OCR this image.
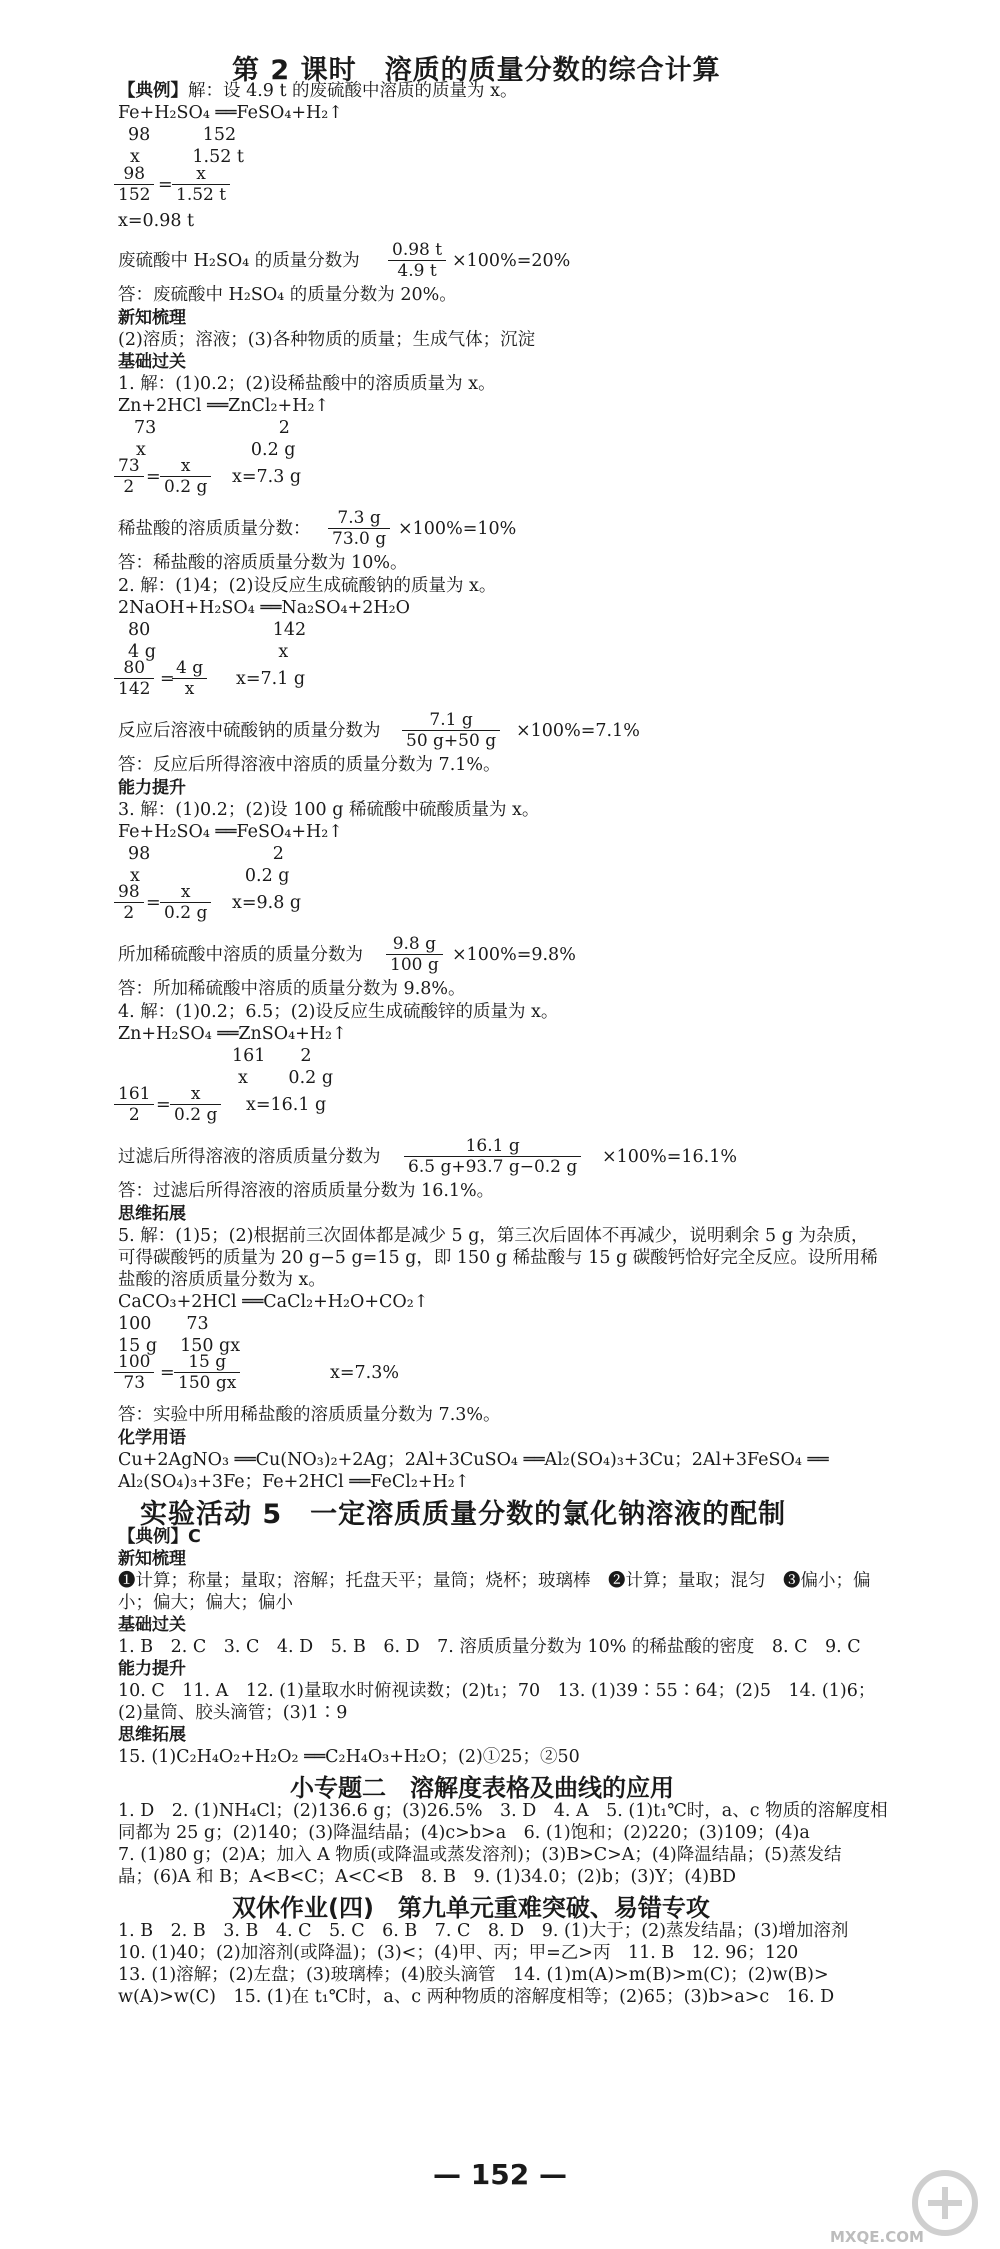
第 2 课时　溶质的质量分数的综合计算
【典例】解：设 4.9 t 的废硫酸中溶质的质量为 x。
Fe+H₂SO₄ ══FeSO₄+H₂↑
98　　　152
x　　　1.52 t
$\frac{98}{152} = \frac{x}{1.52 t}$
x=0.98 t
废硫酸中 H₂SO₄ 的质量分数为 $\frac{0.98 t}{4.9 t} \times 100\%=20\%$
答：废硫酸中 H₂SO₄ 的质量分数为 20%。
新知梳理
(2)溶质；溶液；(3)各种物质的质量；生成气体；沉淀
基础过关
1. 解：(1)0.2；(2)设稀盐酸中的溶质质量为 x。
Zn+2HCl ══ZnCl₂+H₂↑
73　　　　　　　2
x　　　　　　0.2 g
$\frac{73}{2} = \frac{x}{0.2 g} x=7.3$ g
稀盐酸的溶质质量分数： $\frac{7.3 g}{73.0 g} \times 100\%=10\%$
答：稀盐酸的溶质质量分数为 10%。
2. 解：(1)4；(2)设反应生成硫酸钠的质量为 x。
2NaOH+H₂SO₄ ══Na₂SO₄+2H₂O
80　　　　　　　142
4 g　　　　　　　x
$\frac{80}{142}$ =
$\frac{4 g}{x} x=7.1$ g
反应后溶液中硫酸钠的质量分数为 $\frac{7.1 g}{50 g+50 g} \times 100\%=7.1\%$
答：反应后所得溶液中溶质的质量分数为 7.1%。
能力提升
3. 解：(1)0.2；(2)设 100 g 稀硫酸中硫酸质量为 x。
Fe+H₂SO₄ ══FeSO₄+H₂↑
98　　　　　　　2
x　　　　　　0.2 g
$\frac{98}{2} = \frac{x}{0.2 g} x=9.8$ g
所加稀硫酸中溶质的质量分数为 $\frac{9.8 g}{100 g} \times 100\%=9.8\%$
答：所加稀硫酸中溶质的质量分数为 9.8%。
4. 解：(1)0.2；6.5；(2)设反应生成硫酸锌的质量为 x。
Zn+H₂SO₄ ══ZnSO₄+H₂↑
161　　2
x　　 0.2 g
$\frac{161}{2} = \frac{x}{0.2 g} x=16.1$ g
过滤后所得溶液的溶质质量分数为 $\frac{16.1 g}{6.5 g+93.7 g-0.2 g} \times 100\%=16.1\%$
答：过滤后所得溶液的溶质质量分数为 16.1%。
思维拓展
5. 解：(1)5；(2)根据前三次固体都是减少 5 g，第三次后固体不再减少，说明剩余 5 g 为杂质，
可得碳酸钙的质量为 20 g−5 g=15 g，即 150 g 稀盐酸与 15 g 碳酸钙恰好完全反应。设所用稀
盐酸的溶质质量分数为 x。
CaCO₃+2HCl ══CaCl₂+H₂O+CO₂↑
100　　73
15 g　 150 gx
$\frac{100}{73} = \frac{15 g}{150 gx}$	x=7.3%
答：实验中所用稀盐酸的溶质质量分数为 7.3%。
化学用语
Cu+2AgNO₃ ══Cu(NO₃)₂+2Ag；2Al+3CuSO₄ ══Al₂(SO₄)₃+3Cu；2Al+3FeSO₄ ══
Al₂(SO₄)₃+3Fe；Fe+2HCl ══FeCl₂+H₂↑
实验活动 5　一定溶质质量分数的氯化钠溶液的配制
【典例】C
新知梳理
❶计算；称量；量取；溶解；托盘天平；量筒；烧杯；玻璃棒　❷计算；量取；混匀　❸偏小；偏
小；偏大；偏大；偏小
基础过关
1. B　2. C　3. C　4. D　5. B　6. D　7. 溶质质量分数为 10% 的稀盐酸的密度　8. C　9. C
能力提升
10. C　11. A　12. (1)量取水时俯视读数；(2)t₁；70　13. (1)39∶55∶64；(2)5　14. (1)6；
(2)量筒、胶头滴管；(3)1∶9
思维拓展
15. (1)C₂H₄O₂+H₂O₂ ══C₂H₄O₃+H₂O；(2)①25；②50
小专题二　溶解度表格及曲线的应用
1. D　2. (1)NH₄Cl；(2)136.6 g；(3)26.5%　3. D　4. A　5. (1)t₁℃时，a、c 物质的溶解度相
同都为 25 g；(2)140；(3)降温结晶；(4)c>b>a　6. (1)饱和；(2)220；(3)109；(4)a
7. (1)80 g；(2)A；加入 A 物质(或降温或蒸发溶剂)；(3)B>C>A；(4)降温结晶；(5)蒸发结
晶；(6)A 和 B；A<B<C；A<C<B　8. B　9. (1)34.0；(2)b；(3)Y；(4)BD
双休作业(四)　第九单元重难突破、易错专攻
1. B　2. B　3. B　4. C　5. C　6. B　7. C　8. D　9. (1)大于；(2)蒸发结晶；(3)增加溶剂
10. (1)40；(2)加溶剂(或降温)；(3)<；(4)甲、丙；甲=乙>丙　11. B　12. 96；120
13. (1)溶解；(2)左盘；(3)玻璃棒；(4)胶头滴管　14. (1)m(A)>m(B)>m(C)；(2)w(B)>
w(A)>w(C)　15. (1)在 t₁℃时，a、c 两种物质的溶解度相等；(2)65；(3)b>a>c　16. D
— 152 —
MXQE.COM
